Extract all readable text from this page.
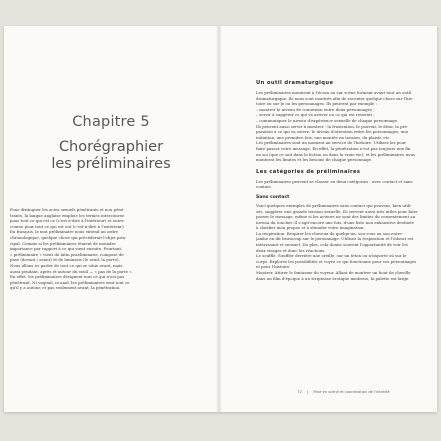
Chapitre 5
Chorégraphier
les préliminaires
Pour distinguer les actes sexuels pénétrants et non péné-
trants, la langue anglaise emploie les termes intercourse
pour tout ce qui est ce (c'est-à-dire à l'intérieur) et outer-
course pour tout ce qui est out (c'est-à-dire à l'extérieur).
En français, le mot préliminaire nous entend un ordre
chronologique, quelque chose qui précéderait l'objet prin-
cipal. Comme si les préliminaires étaient de moindre
importance par rapport à ce qui vient ensuite. Pourtant,
« préliminaire » vient du latin praeliminaris, composé de
prae (devant / avant) et de liminaris (le seuil, la porte).
Nous allons ici parler de tout ce qui se situe avant, mais
aussi pendant, après et autour du seuil — « pas de la porte ».
En effet, les préliminaires désignent tout ce qui n'est pas
pénétrant. Ni vaginal, ni anal, les préliminaires sont tout ce
qu'il y a autour, et pas seulement avant, la pénétration.
Un outil dramaturgique
Les préliminaires montrent à l'écran ou sur scène forment avant tout un outil
dramaturgique. Ils nous sont montrés afin de raconter quelque chose sur l'his-
toire ou sur le ou les personnages. Ils peuvent par exemple :
– montrer le niveau de connexion entre deux personnages ;
– servir à suggérer ce qui va arriver ou ce qui est ressenti ;
– communiquer le niveau d'expérience sexuelle de chaque personnage.
Ils peuvent aussi servir à montrer : la frustration, le pouvoir, le désir, la pré-
paration à ce qui va suivre, le niveau d'attention entre les personnages, une
initiation, une première fois, une montée en tension, du plaisir, etc.
Les préliminaires sont un moment au service de l'histoire. Utilisez les pour
faire passer votre message. En effet, la pénétration n'est pas toujours une fin
en soi (que ce soit dans la fiction ou dans la vraie vie), et les préliminaires nous
montrent les limites et les besoins de chaque personnage.
Les catégories de préliminaires
Les préliminaires peuvent se classer en deux catégories : avec contact et sans
contact.
Sans contact
Voici quelques exemples de préliminaires sans contact qui peuvent, bien utili-
sés, suggérer une grande tension sexuelle. Ils servent aussi très utiles pour faire
passer le message, même si les acteurs ne sont des limites du consentement au
niveau du toucher. Il s'agit encore une fois, d'une liste non exhaustive destinée
à clarifier mon propos et à stimuler votre imagination.
La respiration. Respirer les cheveux de quelqu'un, sou vous ou son entre-
jambe en dit beaucoup sur le personnage. Utilisez la respiration et l'odorat est
intéressant et sensuel. Du plus, cela donne souvent l'opportunité de voir les
deux visages et donc les réactions.
Le souffle. Souffler derrière une oreille, sur un téton ou n'importe où sur le
corps. Explorez les possibilités et voyez ce qui fonctionne pour vos personnages
et pour l'histoire.
Montrer. Attirer le fantasme du voyeur. Allant de montrer un bout de cheville
dans un film d'époque à un striptease érotique moderne, la palette est large.
72 | Mise en scène et coordination de l'intimité
